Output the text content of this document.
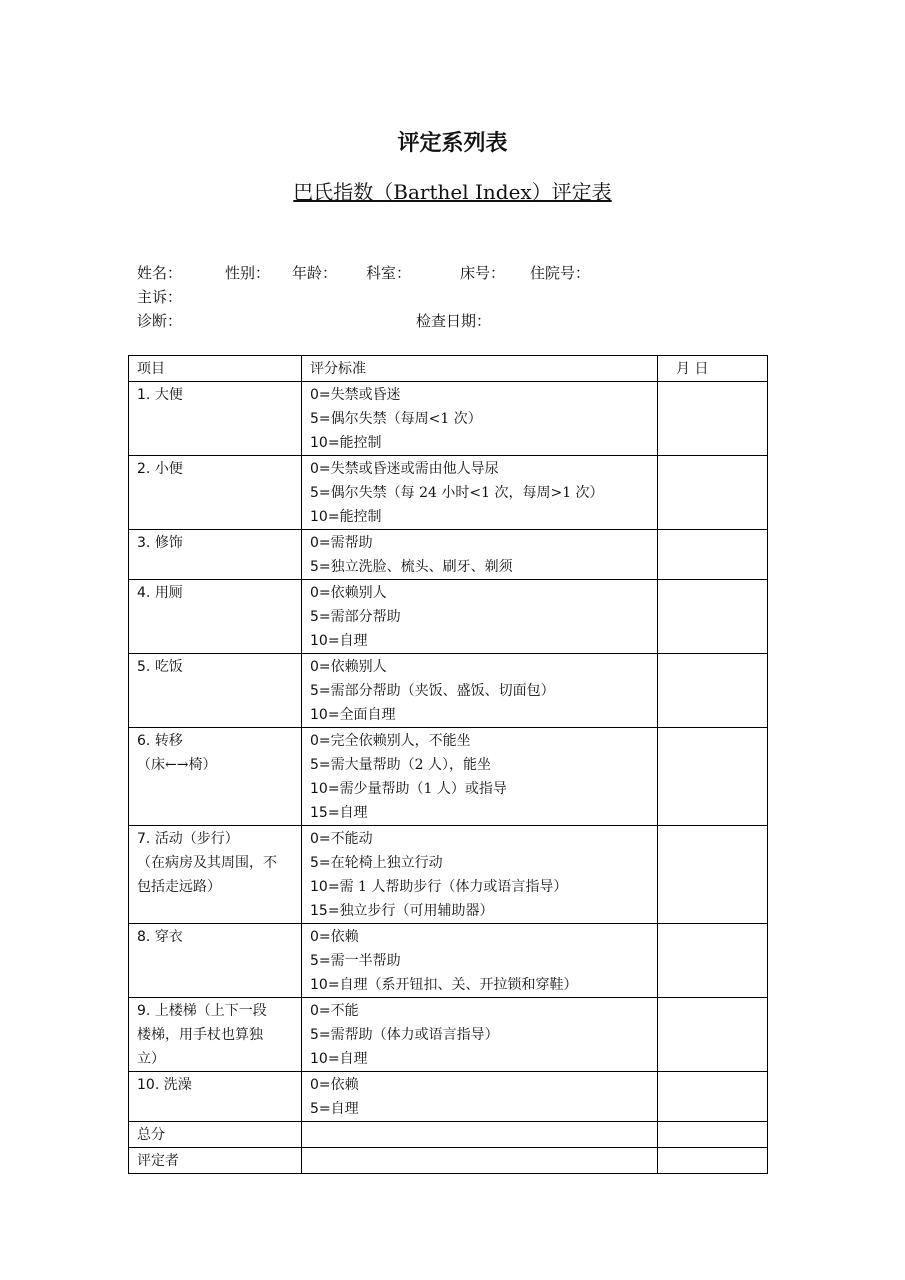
评定系列表
巴氏指数（Barthel Index）评定表
姓名：	性别： 年龄： 科室：	床号： 住院号：
主诉：
诊断：	检查日期：
项目	评分标准	月 日

1. 大便	0=失禁或昏迷
5=偶尔失禁（每周<1 次）
10=能控制	

2. 小便	0=失禁或昏迷或需由他人导尿
5=偶尔失禁（每 24 小时<1 次，每周>1 次）
10=能控制	

3. 修饰	0=需帮助
5=独立洗脸、梳头、刷牙、剃须	

4. 用厕	0=依赖别人
5=需部分帮助
10=自理	

5. 吃饭	0=依赖别人
5=需部分帮助（夹饭、盛饭、切面包）
10=全面自理	

6. 转移
（床←→椅）	0=完全依赖别人，不能坐
5=需大量帮助（2 人），能坐
10=需少量帮助（1 人）或指导
15=自理	

7. 活动（步行）
（在病房及其周围，不
包括走远路）	0=不能动
5=在轮椅上独立行动
10=需 1 人帮助步行（体力或语言指导）
15=独立步行（可用辅助器）	

8. 穿衣	0=依赖
5=需一半帮助
10=自理（系开钮扣、关、开拉锁和穿鞋）	

9. 上楼梯（上下一段
楼梯，用手杖也算独
立）	0=不能
5=需帮助（体力或语言指导）
10=自理	

10. 洗澡	0=依赖
5=自理	

总分		
评定者		
